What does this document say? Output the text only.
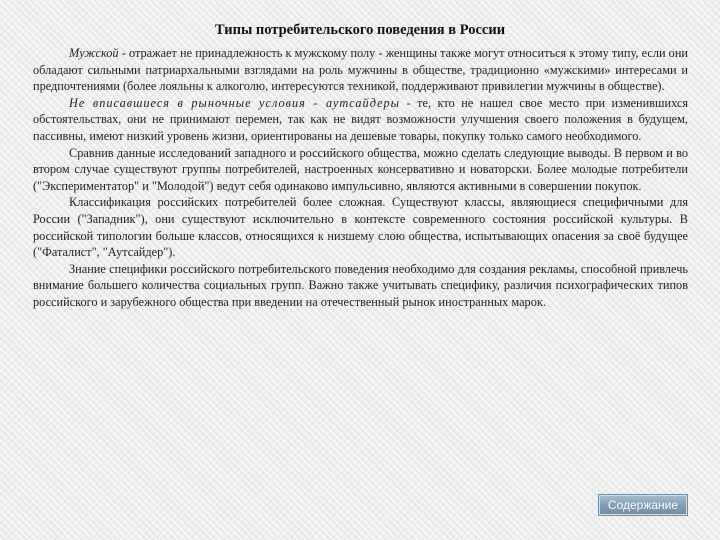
Типы потребительского поведения в России

Мужской - отражает не принадлежность к мужскому полу - женщины также могут относиться к этому типу, если они обладают сильными патриархальными взглядами на роль мужчины в обществе, традиционно «мужскими» интересами и предпочтениями (более лояльны к алкоголю, интересуются техникой, поддерживают привилегии мужчины в обществе).

Не вписавшиеся в рыночные условия - аутсайдеры - те, кто не нашел свое место при изменившихся обстоятельствах, они не принимают перемен, так как не видят возможности улучшения своего положения в будущем, пассивны, имеют низкий уровень жизни, ориентированы на дешевые товары, покупку только самого необходимого.

Сравнив данные исследований западного и российского общества, можно сделать следующие выводы. В первом и во втором случае существуют группы потребителей, настроенных консервативно и новаторски. Более молодые потребители ("Экспериментатор" и "Молодой") ведут себя одинаково импульсивно, являются активными в совершении покупок.

Классификация российских потребителей более сложная. Существуют классы, являющиеся специфичными для России ("Западник"), они существуют исключительно в контексте современного состояния российской культуры. В российской типологии больше классов, относящихся к низшему слою общества, испытывающих опасения за своё будущее ("Фаталист", "Аутсайдер").

Знание специфики российского потребительского поведения необходимо для создания рекламы, способной привлечь внимание большего количества социальных групп. Важно также учитывать специфику, различия психографических типов российского и зарубежного общества при введении на отечественный рынок иностранных марок.

Содержание
